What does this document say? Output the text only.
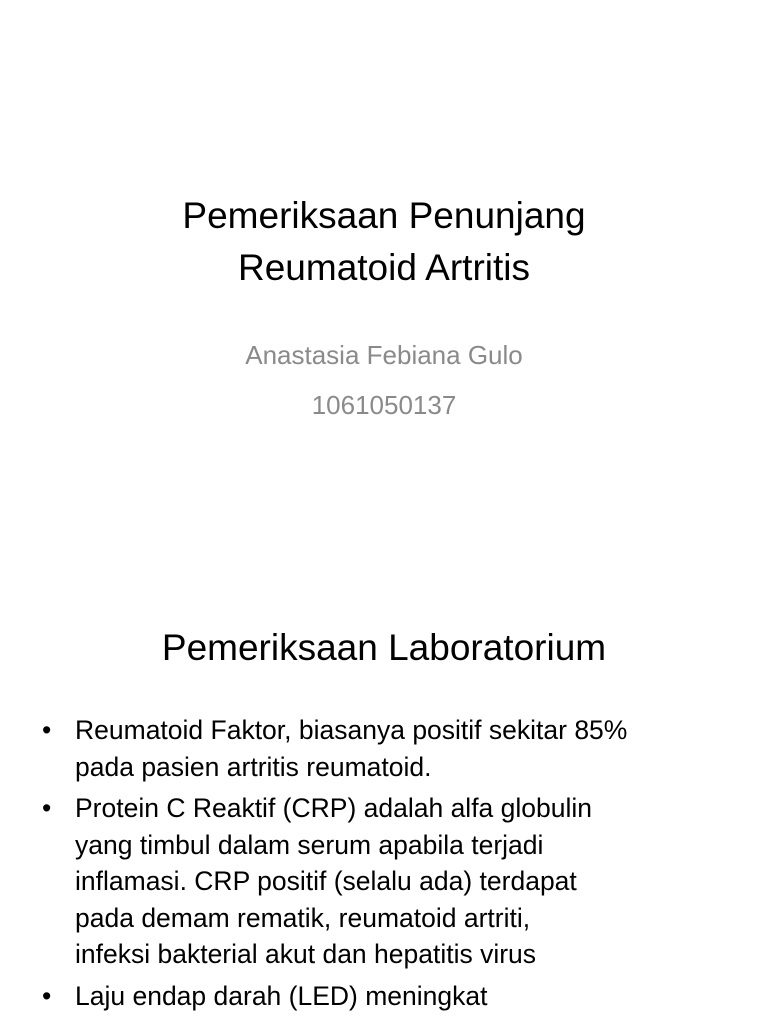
Pemeriksaan Penunjang
Reumatoid Artritis
Anastasia Febiana Gulo
1061050137
Pemeriksaan Laboratorium
• Reumatoid Faktor, biasanya positif sekitar 85%
pada pasien artritis reumatoid.
• Protein C Reaktif (CRP) adalah alfa globulin
yang timbul dalam serum apabila terjadi
inflamasi. CRP positif (selalu ada) terdapat
pada demam rematik, reumatoid artriti,
infeksi bakterial akut dan hepatitis virus
• Laju endap darah (LED) meningkat
